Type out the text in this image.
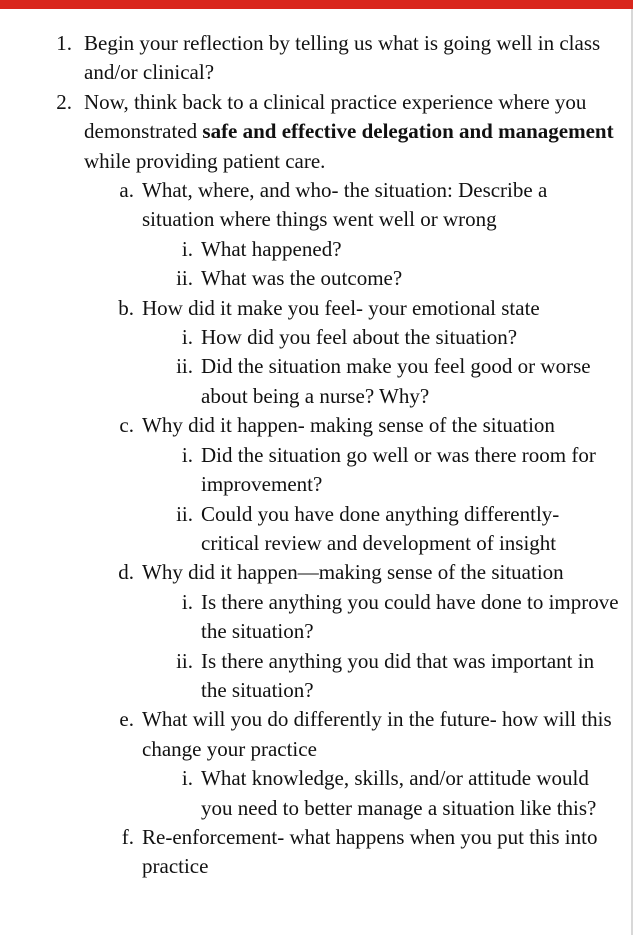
1. Begin your reflection by telling us what is going well in class and/or clinical?
2. Now, think back to a clinical practice experience where you demonstrated safe and effective delegation and management while providing patient care.
a. What, where, and who- the situation: Describe a situation where things went well or wrong
i. What happened?
ii. What was the outcome?
b. How did it make you feel- your emotional state
i. How did you feel about the situation?
ii. Did the situation make you feel good or worse about being a nurse? Why?
c. Why did it happen- making sense of the situation
i. Did the situation go well or was there room for improvement?
ii. Could you have done anything differently- critical review and development of insight
d. Why did it happen—making sense of the situation
i. Is there anything you could have done to improve the situation?
ii. Is there anything you did that was important in the situation?
e. What will you do differently in the future- how will this change your practice
i. What knowledge, skills, and/or attitude would you need to better manage a situation like this?
f. Re-enforcement- what happens when you put this into practice
